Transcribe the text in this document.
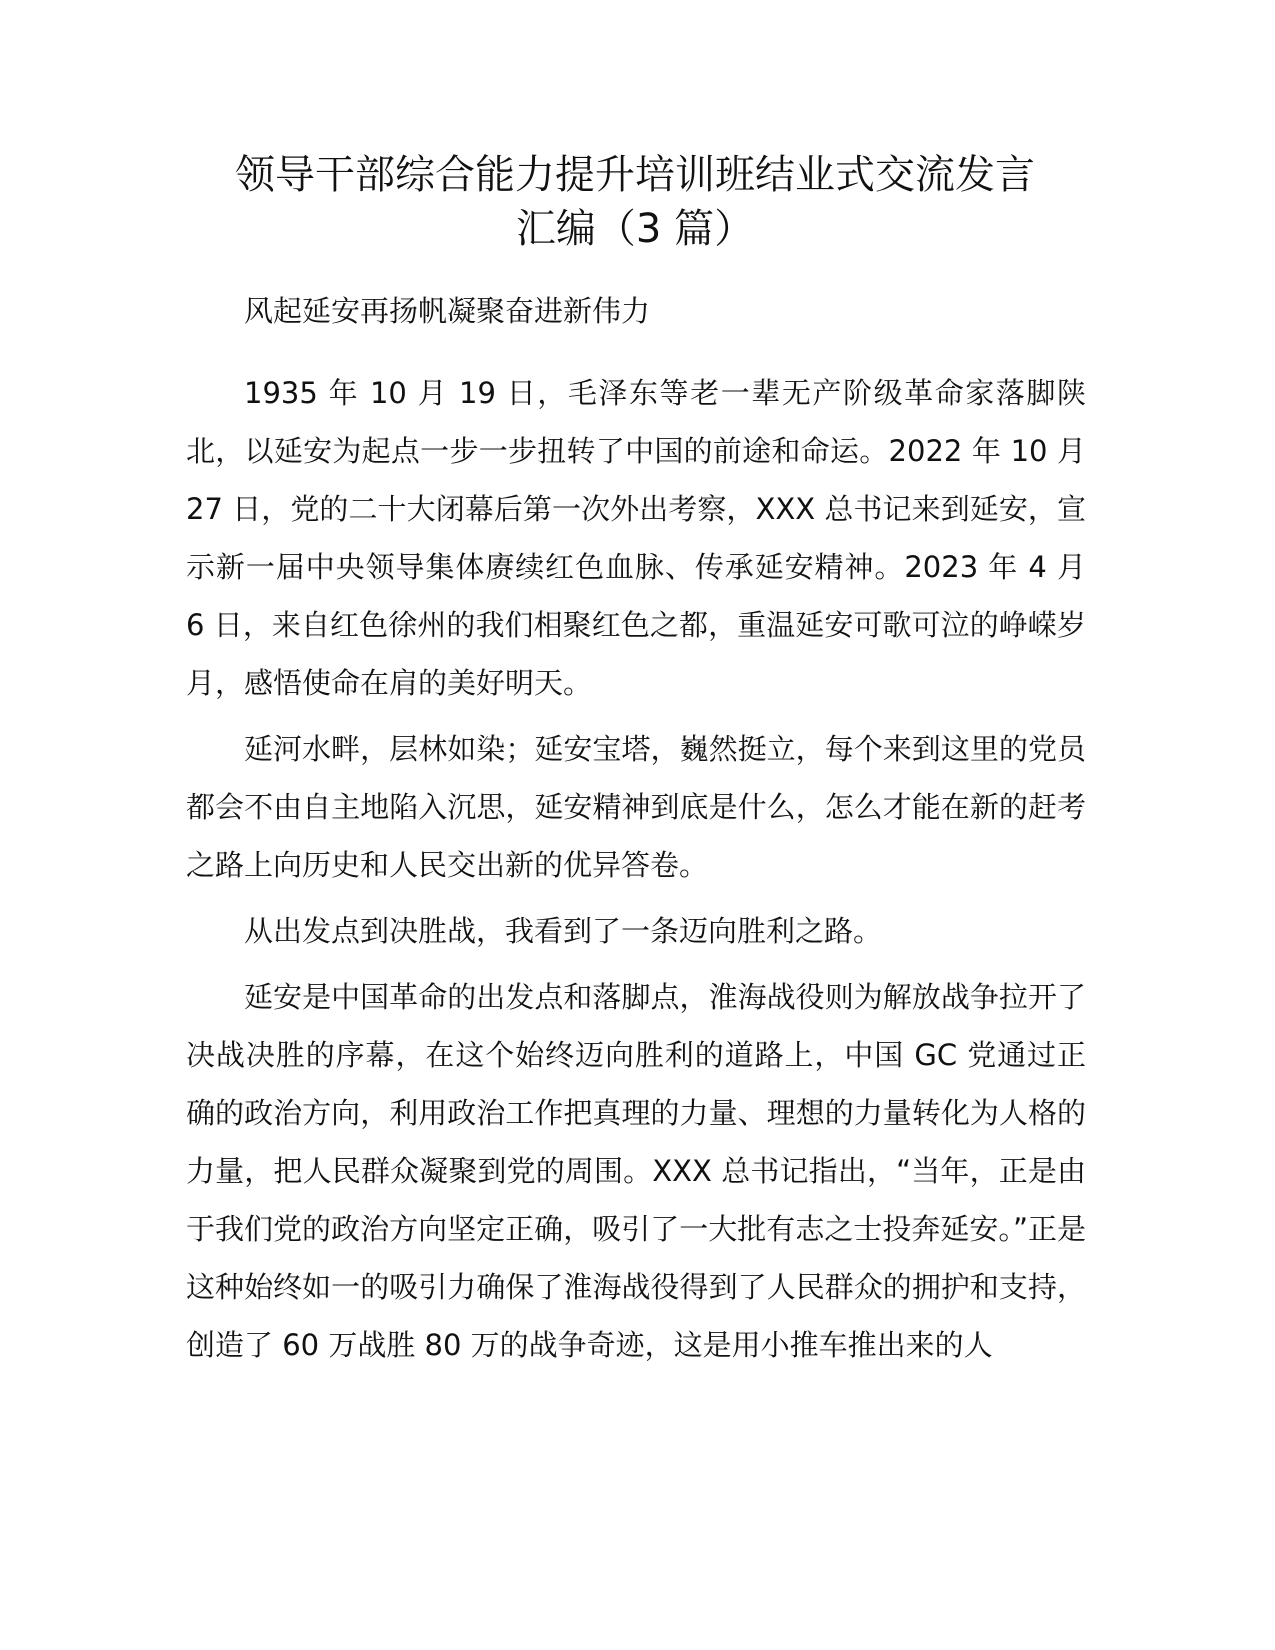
领导干部综合能力提升培训班结业式交流发言
汇编（3 篇）

风起延安再扬帆凝聚奋进新伟力

1935 年 10 月 19 日，毛泽东等老一辈无产阶级革命家落脚陕北，以延安为起点一步一步扭转了中国的前途和命运。2022 年 10 月 27 日，党的二十大闭幕后第一次外出考察，XXX 总书记来到延安，宣示新一届中央领导集体赓续红色血脉、传承延安精神。2023 年 4 月 6 日，来自红色徐州的我们相聚红色之都，重温延安可歌可泣的峥嵘岁月，感悟使命在肩的美好明天。

延河水畔，层林如染；延安宝塔，巍然挺立，每个来到这里的党员都会不由自主地陷入沉思，延安精神到底是什么，怎么才能在新的赶考之路上向历史和人民交出新的优异答卷。

从出发点到决胜战，我看到了一条迈向胜利之路。

延安是中国革命的出发点和落脚点，淮海战役则为解放战争拉开了决战决胜的序幕，在这个始终迈向胜利的道路上，中国 GC 党通过正确的政治方向，利用政治工作把真理的力量、理想的力量转化为人格的力量，把人民群众凝聚到党的周围。XXX 总书记指出，“当年，正是由于我们党的政治方向坚定正确，吸引了一大批有志之士投奔延安。”正是这种始终如一的吸引力确保了淮海战役得到了人民群众的拥护和支持，创造了 60 万战胜 80 万的战争奇迹，这是用小推车推出来的人
